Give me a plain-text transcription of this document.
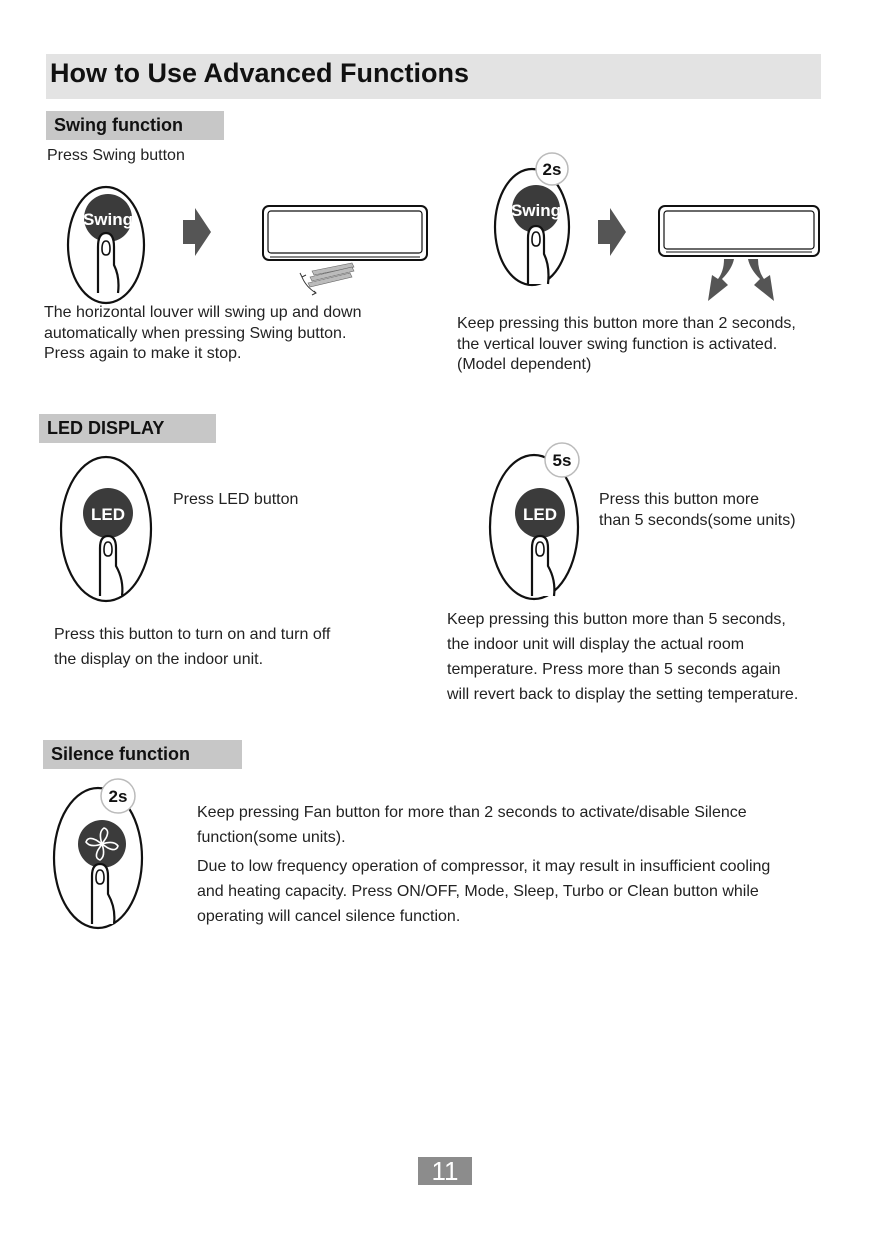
How to Use Advanced Functions
Swing function
Press Swing button
Swing

The horizontal louver will swing up and down

automatically when pressing Swing button.

Press again to make it stop.

Swing
2s

Keep pressing this button more than 2 seconds,

the vertical louver swing function is activated.

(Model dependent)

LED DISPLAY
LED
Press LED button

Press this button to turn on and turn off

the display on the indoor unit.

LED
5s

Press this button more

than 5 seconds(some units)

Keep pressing this button more than 5 seconds,

the indoor unit will display the actual room

temperature. Press more than 5 seconds again

will revert back to display the setting temperature.

Silence function
2s

Keep pressing Fan button for more than 2 seconds to activate/disable Silence

function(some units).

Due to low frequency operation of compressor, it may result in insufficient cooling

and heating capacity. Press ON/OFF, Mode, Sleep, Turbo or Clean button while

operating will cancel silence function.

11
